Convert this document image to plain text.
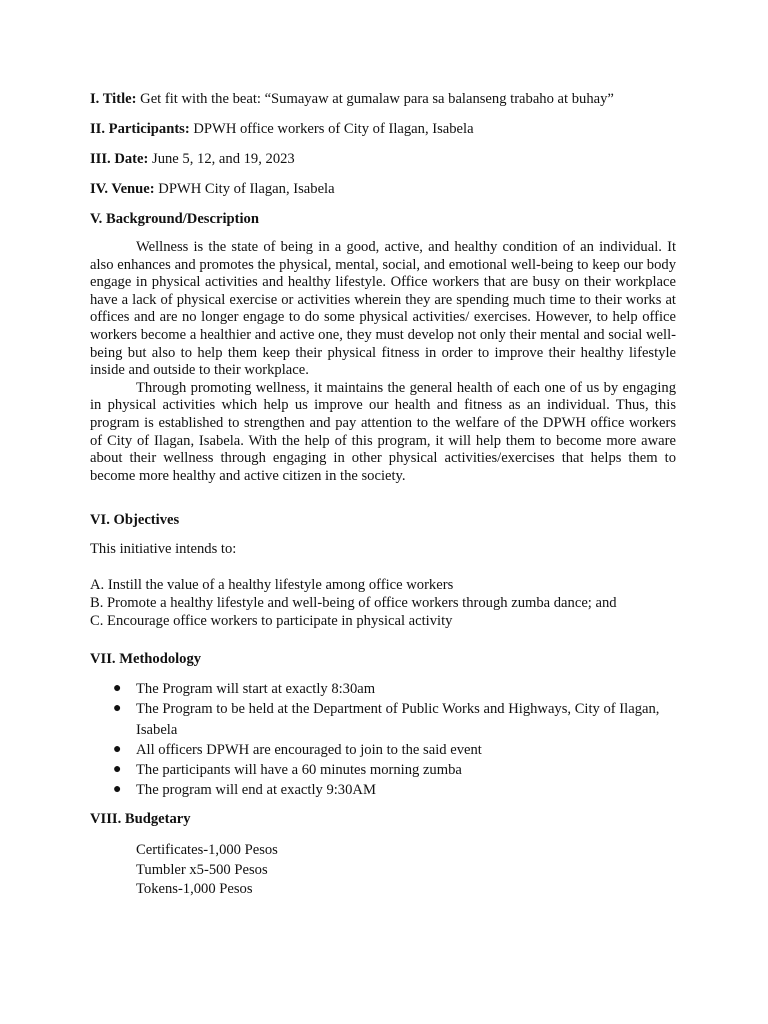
I. Title: Get fit with the beat: “Sumayaw at gumalaw para sa balanseng trabaho at buhay”

II. Participants: DPWH office workers of City of Ilagan, Isabela

III. Date: June 5, 12, and 19, 2023

IV. Venue: DPWH City of Ilagan, Isabela

V. Background/Description

Wellness is the state of being in a good, active, and healthy condition of an individual. It also enhances and promotes the physical, mental, social, and emotional well-being to keep our body engage in physical activities and healthy lifestyle. Office workers that are busy on their workplace have a lack of physical exercise or activities wherein they are spending much time to their works at offices and are no longer engage to do some physical activities/ exercises. However, to help office workers become a healthier and active one, they must develop not only their mental and social well-being but also to help them keep their physical fitness in order to improve their healthy lifestyle inside and outside to their workplace.

Through promoting wellness, it maintains the general health of each one of us by engaging in physical activities which help us improve our health and fitness as an individual. Thus, this program is established to strengthen and pay attention to the welfare of the DPWH office workers of City of Ilagan, Isabela. With the help of this program, it will help them to become more aware about their wellness through engaging in other physical activities/exercises that helps them to become more healthy and active citizen in the society.

VI. Objectives

This initiative intends to:

A. Instill the value of a healthy lifestyle among office workers

B. Promote a healthy lifestyle and well-being of office workers through zumba dance; and

C. Encourage office workers to participate in physical activity

VII. Methodology

● The Program will start at exactly 8:30am
● The Program to be held at the Department of Public Works and Highways, City of Ilagan, Isabela
● All officers DPWH are encouraged to join to the said event
● The participants will have a 60 minutes morning zumba
● The program will end at exactly 9:30AM

VIII. Budgetary

Certificates-1,000 Pesos
Tumbler x5-500 Pesos
Tokens-1,000 Pesos
